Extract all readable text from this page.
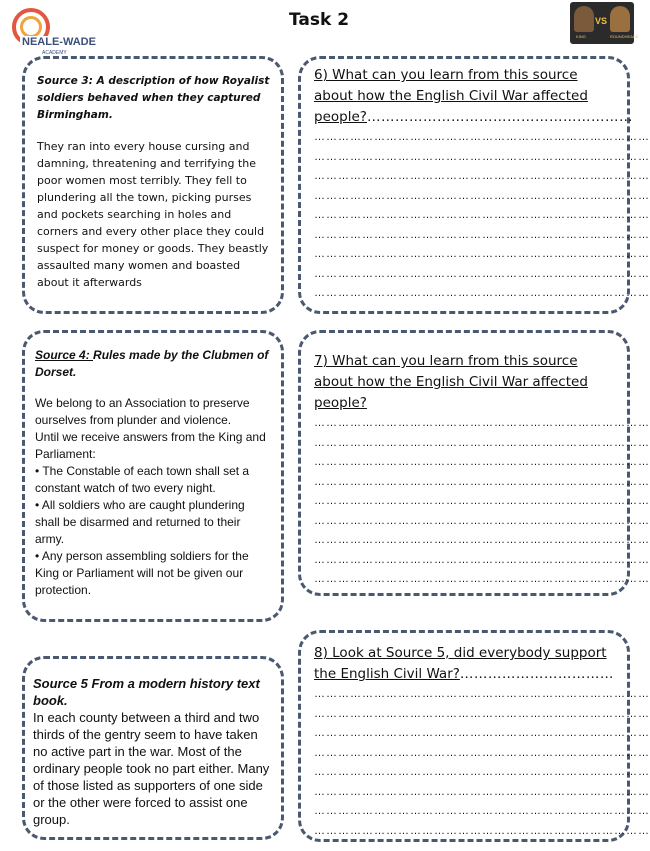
NEALE-WADE
ACADEMY
Task 2	VS
KING	ROUNDHEADS
Source 3: A description of how Royalist soldiers behaved when they captured Birmingham.
They ran into every house cursing and damning, threatening and terrifying the poor women most terribly. They fell to plundering all the town, picking purses and pockets searching in holes and corners and every other place they could suspect for money or goods. They beastly assaulted many women and boasted about it afterwards
Source 4: Rules made by the Clubmen of Dorset.
We belong to an Association to preserve ourselves from plunder and violence.
Until we receive answers from the King and Parliament:
• The Constable of each town shall set a constant watch of two every night.
• All soldiers who are caught plundering shall be disarmed and returned to their army.
• Any person assembling soldiers for the King or Parliament will not be given our protection.
Source 5 From a modern history text book.
In each county between a third and two thirds of the gentry seem to have taken no active part in the war. Most of the ordinary people took no part either. Many of those listed as supporters of one side or the other were forced to assist one group.
6) What can you learn from this source about how the English Civil War affected people?…………………………………………………
…………………………………………………………………………
…………………………………………………………………………
…………………………………………………………………………
…………………………………………………………………………
…………………………………………………………………………
…………………………………………………………………………
…………………………………………………………………………
…………………………………………………………………………
…………………………………………………………………………
7) What can you learn from this source about how the English Civil War affected people?
…………………………………………………………………………
…………………………………………………………………………
…………………………………………………………………………
…………………………………………………………………………
…………………………………………………………………………
…………………………………………………………………………
…………………………………………………………………………
…………………………………………………………………………
…………………………………………………………………………
8) Look at Source 5, did everybody support the English Civil War?……………………………
…………………………………………………………………………
…………………………………………………………………………
…………………………………………………………………………
…………………………………………………………………………
…………………………………………………………………………
…………………………………………………………………………
…………………………………………………………………………
…………………………………………………………………………
